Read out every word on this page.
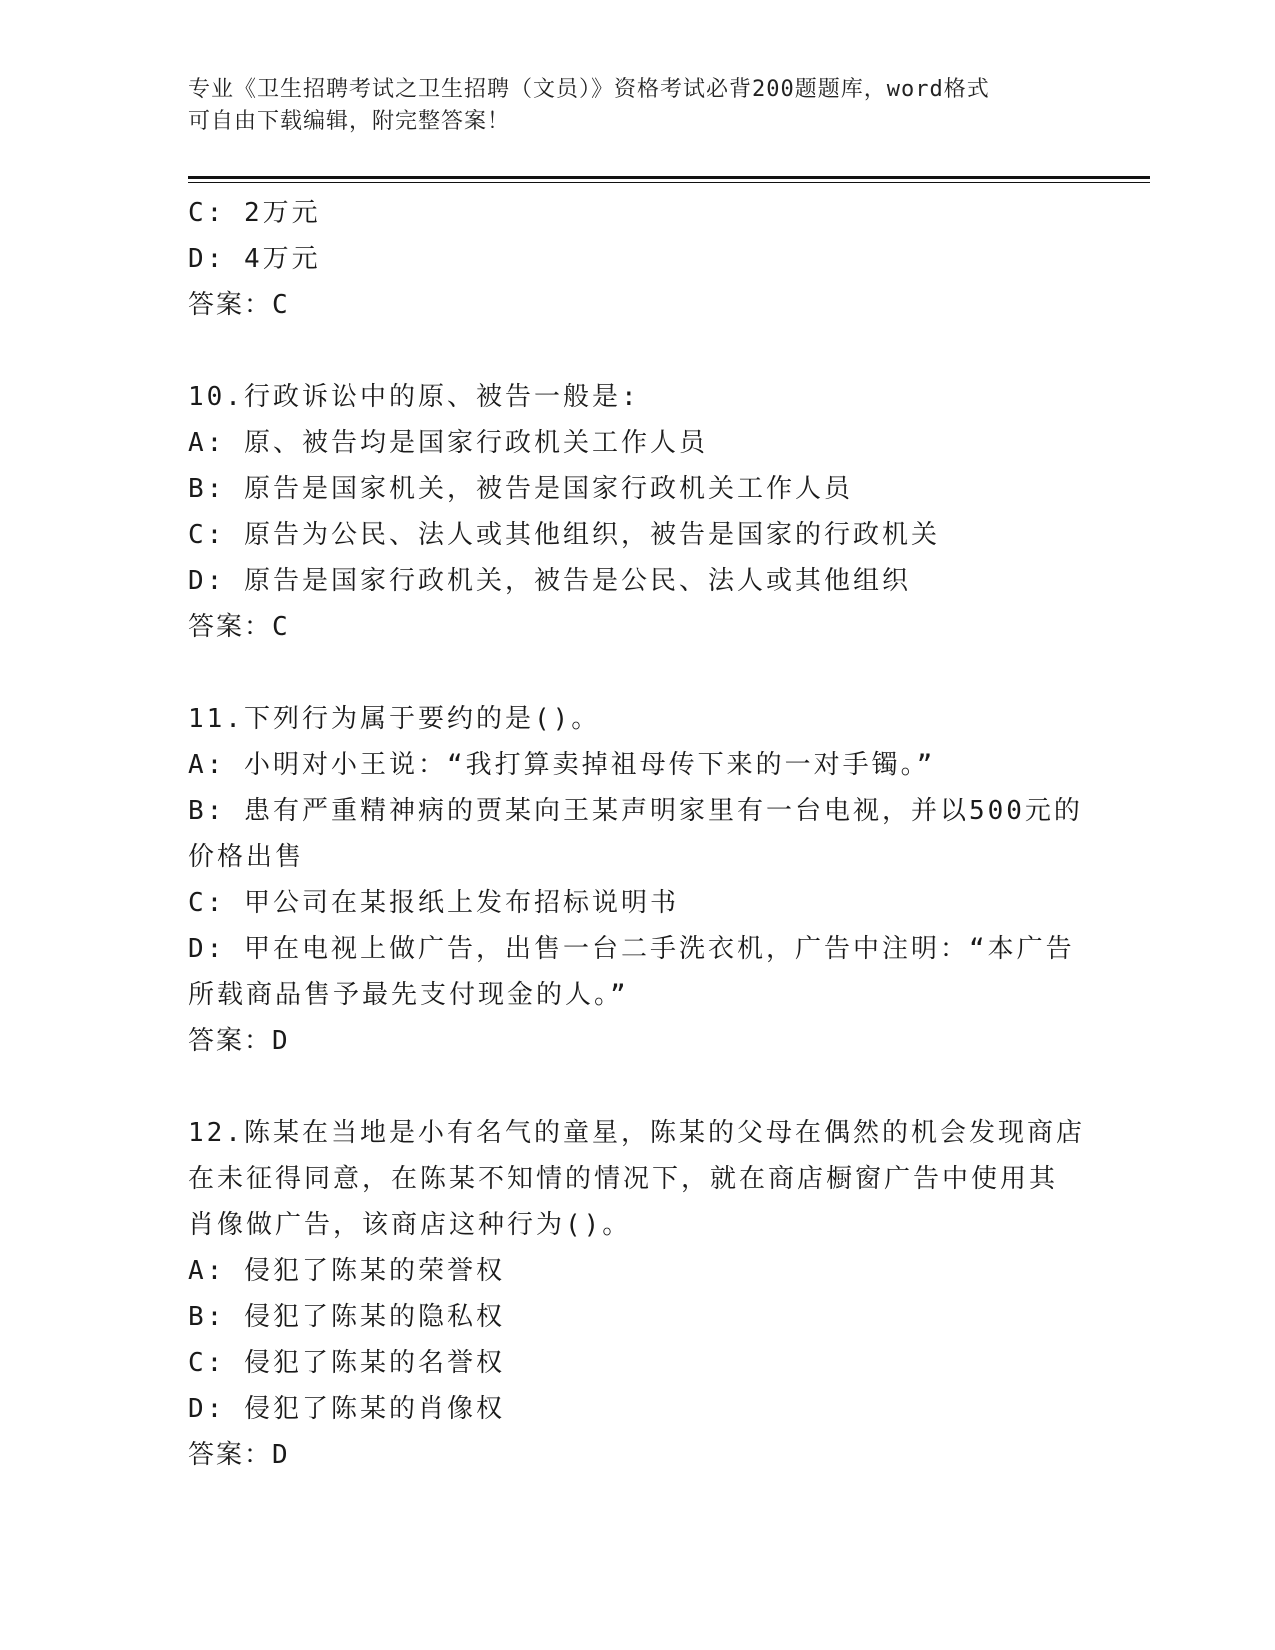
专业《卫生招聘考试之卫生招聘（文员）》资格考试必背200题题库，word格式
可自由下载编辑，附完整答案！
C: 2万元
D: 4万元
答案：C
10.行政诉讼中的原、被告一般是:
A: 原、被告均是国家行政机关工作人员
B: 原告是国家机关，被告是国家行政机关工作人员
C: 原告为公民、法人或其他组织，被告是国家的行政机关
D: 原告是国家行政机关，被告是公民、法人或其他组织
答案：C
11.下列行为属于要约的是()。
A: 小明对小王说：“我打算卖掉祖母传下来的一对手镯。”
B: 患有严重精神病的贾某向王某声明家里有一台电视，并以500元的
价格出售
C: 甲公司在某报纸上发布招标说明书
D: 甲在电视上做广告，出售一台二手洗衣机，广告中注明：“本广告
所载商品售予最先支付现金的人。”
答案：D
12.陈某在当地是小有名气的童星，陈某的父母在偶然的机会发现商店
在未征得同意，在陈某不知情的情况下，就在商店橱窗广告中使用其
肖像做广告，该商店这种行为()。
A: 侵犯了陈某的荣誉权
B: 侵犯了陈某的隐私权
C: 侵犯了陈某的名誉权
D: 侵犯了陈某的肖像权
答案：D
